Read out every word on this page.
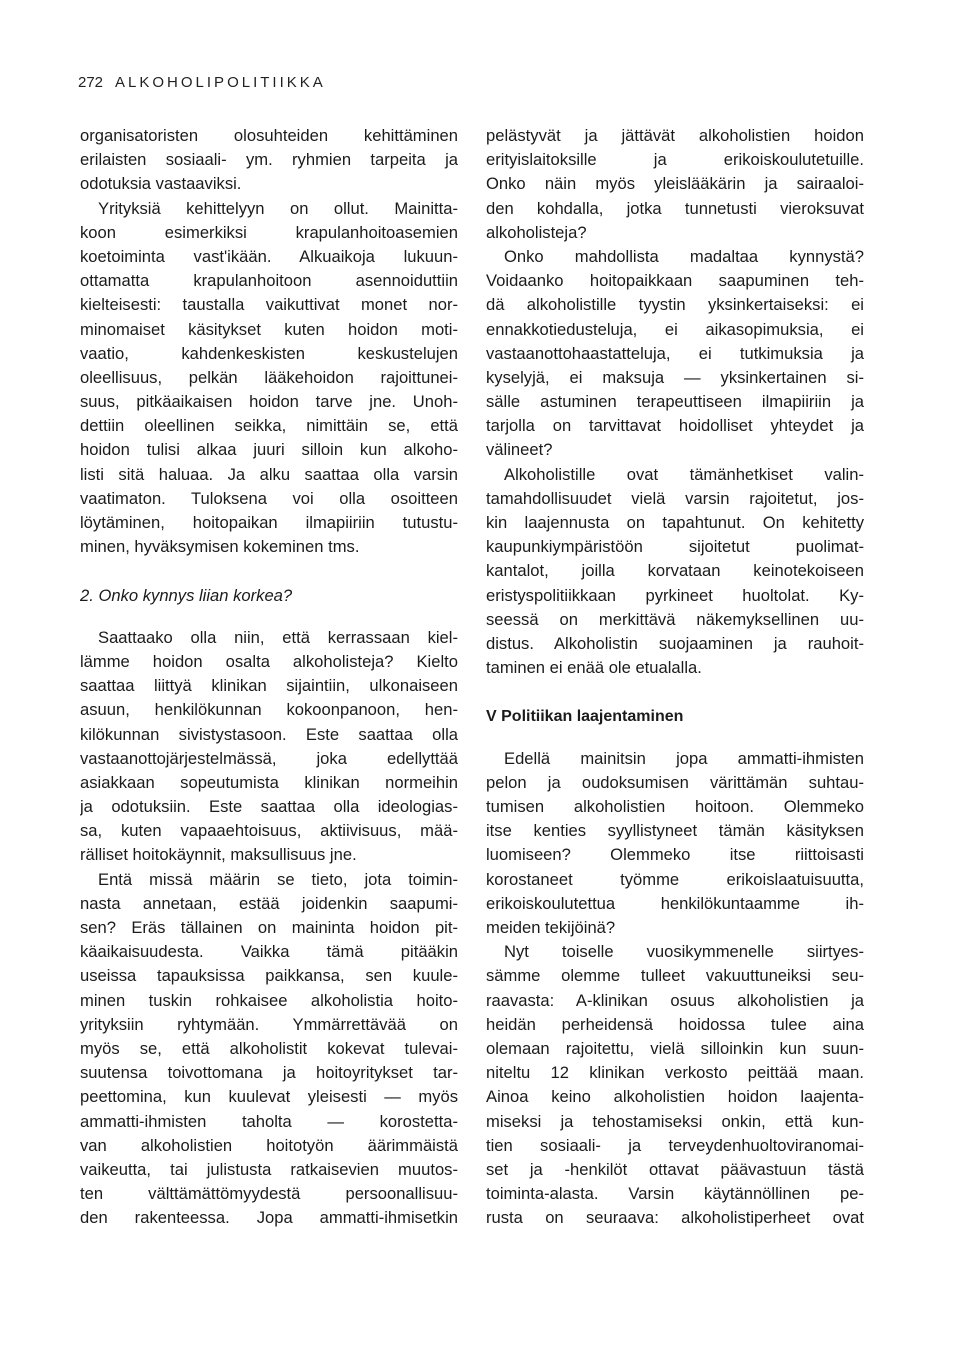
272 ALKOHOLIPOLITIIKKA
organisatoristen olosuhteiden kehittäminen
erilaisten sosiaali- ym. ryhmien tarpeita ja
odotuksia vastaaviksi.
Yrityksiä kehittelyyn on ollut. Mainitta-
koon esimerkiksi krapulanhoitoasemien
koetoiminta vast'ikään. Alkuaikoja lukuun-
ottamatta krapulanhoitoon asennoiduttiin
kielteisesti: taustalla vaikuttivat monet nor-
minomaiset käsitykset kuten hoidon moti-
vaatio, kahdenkeskisten keskustelujen
oleellisuus, pelkän lääkehoidon rajoittunei-
suus, pitkäaikaisen hoidon tarve jne. Unoh-
dettiin oleellinen seikka, nimittäin se, että
hoidon tulisi alkaa juuri silloin kun alkoho-
listi sitä haluaa. Ja alku saattaa olla varsin
vaatimaton. Tuloksena voi olla osoitteen
löytäminen, hoitopaikan ilmapiiriin tutustu-
minen, hyväksymisen kokeminen tms.
2. Onko kynnys liian korkea?
Saattaako olla niin, että kerrassaan kiel-
lämme hoidon osalta alkoholisteja? Kielto
saattaa liittyä klinikan sijaintiin, ulkonaiseen
asuun, henkilökunnan kokoonpanoon, hen-
kilökunnan sivistystasoon. Este saattaa olla
vastaanottojärjestelmässä, joka edellyttää
asiakkaan sopeutumista klinikan normeihin
ja odotuksiin. Este saattaa olla ideologias-
sa, kuten vapaaehtoisuus, aktiivisuus, mää-
rälliset hoitokäynnit, maksullisuus jne.
Entä missä määrin se tieto, jota toimin-
nasta annetaan, estää joidenkin saapumi-
sen? Eräs tällainen on maininta hoidon pit-
käaikaisuudesta. Vaikka tämä pitääkin
useissa tapauksissa paikkansa, sen kuule-
minen tuskin rohkaisee alkoholistia hoito-
yrityksiin ryhtymään. Ymmärrettävää on
myös se, että alkoholistit kokevat tulevai-
suutensa toivottomana ja hoitoyritykset tar-
peettomina, kun kuulevat yleisesti — myös
ammatti-ihmisten taholta — korostetta-
van alkoholistien hoitotyön äärimmäistä
vaikeutta, tai julistusta ratkaisevien muutos-
ten välttämättömyydestä persoonallisuu-
den rakenteessa. Jopa ammatti-ihmisetkin
pelästyvät ja jättävät alkoholistien hoidon
erityislaitoksille ja erikoiskoulutetuille.
Onko näin myös yleislääkärin ja sairaaloi-
den kohdalla, jotka tunnetusti vieroksuvat
alkoholisteja?
Onko mahdollista madaltaa kynnystä?
Voidaanko hoitopaikkaan saapuminen teh-
dä alkoholistille tyystin yksinkertaiseksi: ei
ennakkotiedusteluja, ei aikasopimuksia, ei
vastaanottohaastatteluja, ei tutkimuksia ja
kyselyjä, ei maksuja — yksinkertainen si-
sälle astuminen terapeuttiseen ilmapiiriin ja
tarjolla on tarvittavat hoidolliset yhteydet ja
välineet?
Alkoholistille ovat tämänhetkiset valin-
tamahdollisuudet vielä varsin rajoitetut, jos-
kin laajennusta on tapahtunut. On kehitetty
kaupunkiympäristöön sijoitetut puolimat-
kantalot, joilla korvataan keinotekoiseen
eristyspolitiikkaan pyrkineet huoltolat. Ky-
seessä on merkittävä näkemyksellinen uu-
distus. Alkoholistin suojaaminen ja rauhoit-
taminen ei enää ole etualalla.
V Politiikan laajentaminen
Edellä mainitsin jopa ammatti-ihmisten
pelon ja oudoksumisen värittämän suhtau-
tumisen alkoholistien hoitoon. Olemmeko
itse kenties syyllistyneet tämän käsityksen
luomiseen? Olemmeko itse riittoisasti
korostaneet työmme erikoislaatuisuutta,
erikoiskoulutettua henkilökuntaamme ih-
meiden tekijöinä?
Nyt toiselle vuosikymmenelle siirtyes-
sämme olemme tulleet vakuuttuneiksi seu-
raavasta: A-klinikan osuus alkoholistien ja
heidän perheidensä hoidossa tulee aina
olemaan rajoitettu, vielä silloinkin kun suun-
niteltu 12 klinikan verkosto peittää maan.
Ainoa keino alkoholistien hoidon laajenta-
miseksi ja tehostamiseksi onkin, että kun-
tien sosiaali- ja terveydenhuoltoviranomai-
set ja -henkilöt ottavat päävastuun tästä
toiminta-alasta. Varsin käytännöllinen pe-
rusta on seuraava: alkoholistiperheet ovat
